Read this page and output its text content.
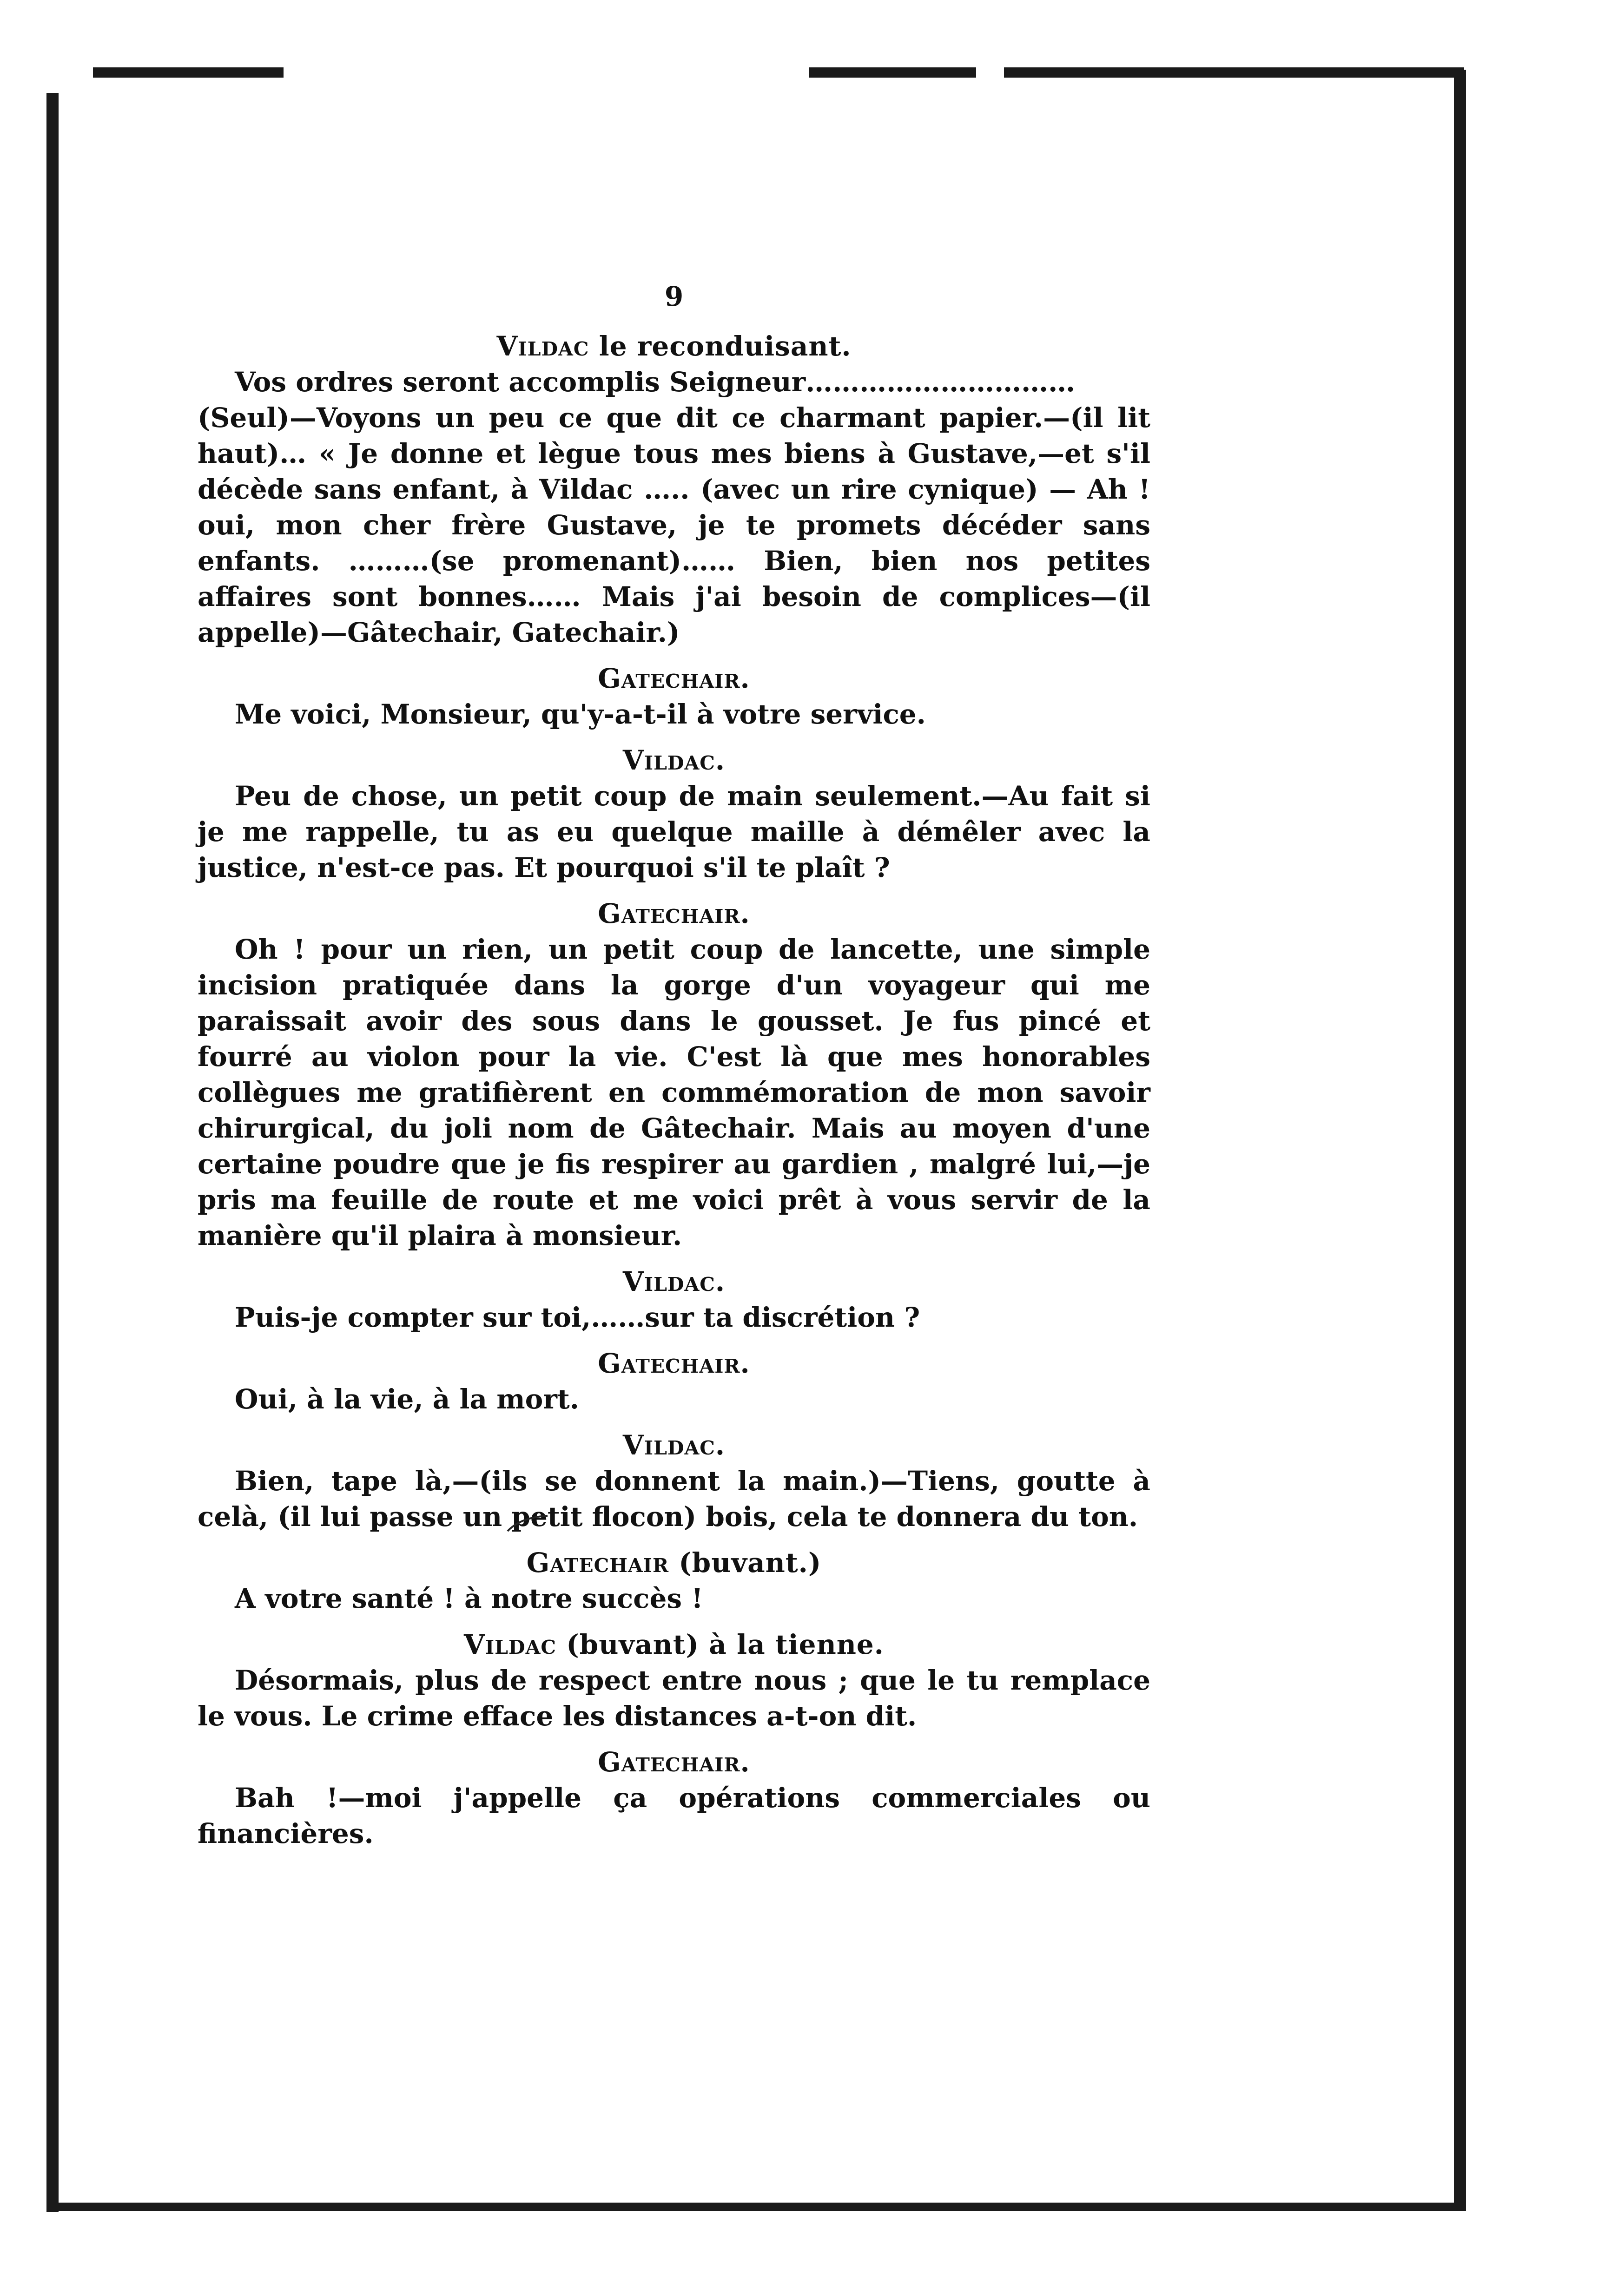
9
Vildac le reconduisant.

Vos ordres seront accomplis Seigneur…………………………

(Seul)—Voyons un peu ce que dit ce charmant papier.—(il lit haut)… « Je donne et lègue tous mes biens à Gustave,—et s'il décède sans enfant, à Vildac ….. (avec un rire cynique) — Ah ! oui, mon cher frère Gustave, je te promets décéder sans enfants. ………(se promenant)…… Bien, bien nos petites affaires sont bonnes…… Mais j'ai besoin de complices—(il appelle)—Gâtechair, Gatechair.)

Gatechair.

Me voici, Monsieur, qu'y-a-t-il à votre service.

Vildac.

Peu de chose, un petit coup de main seulement.—Au fait si je me rappelle, tu as eu quelque maille à démêler avec la justice, n'est-ce pas. Et pourquoi s'il te plaît ?

Gatechair.

Oh ! pour un rien, un petit coup de lancette, une simple incision pratiquée dans la gorge d'un voyageur qui me paraissait avoir des sous dans le gousset. Je fus pincé et fourré au violon pour la vie. C'est là que mes honorables collègues me gratifièrent en commémoration de mon savoir chirurgical, du joli nom de Gâtechair. Mais au moyen d'une certaine poudre que je fis respirer au gardien , malgré lui,—je pris ma feuille de route et me voici prêt à vous servir de la manière qu'il plaira à monsieur.

Vildac.

Puis-je compter sur toi,……sur ta discrétion ?

Gatechair.

Oui, à la vie, à la mort.

Vildac.

Bien, tape là,—(ils se donnent la main.)—Tiens, goutte à celà, (il lui passe un petit flocon) bois, cela te donnera du ton.

Gatechair (buvant.)

A votre santé ! à notre succès !

Vildac (buvant) à la tienne.

Désormais, plus de respect entre nous ; que le tu remplace le vous. Le crime efface les distances a-t-on dit.

Gatechair.

Bah !—moi j'appelle ça opérations commerciales ou financières.
